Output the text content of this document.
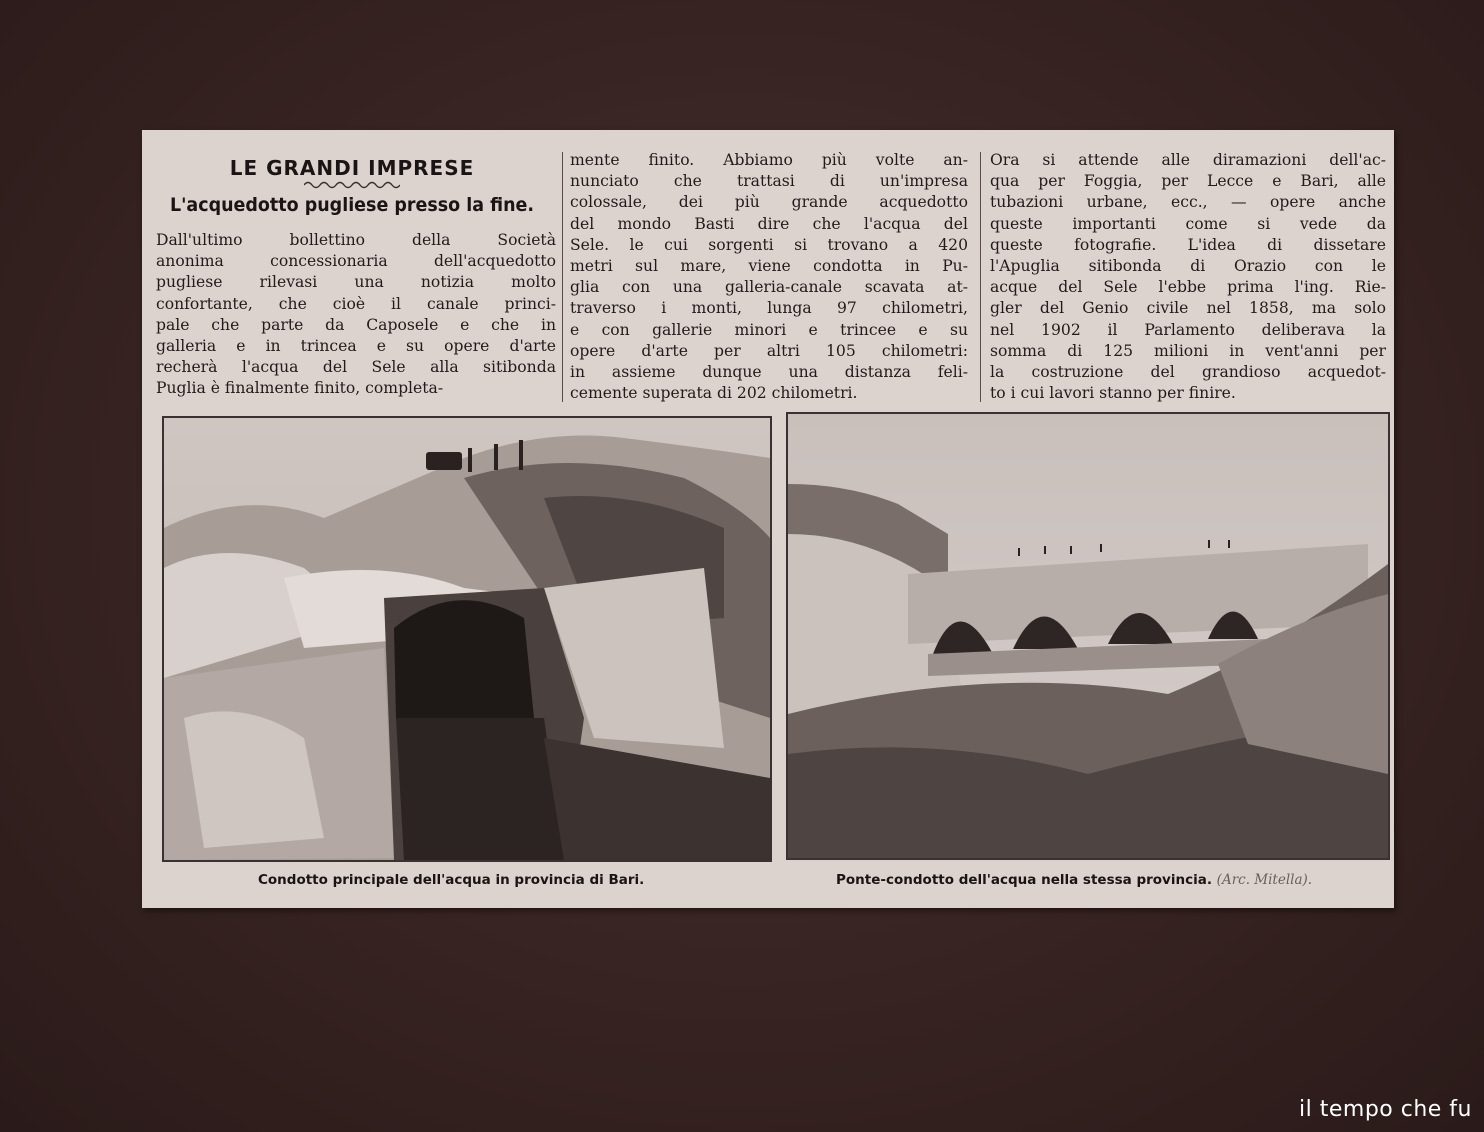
LE GRANDI IMPRESE
L'acquedotto pugliese presso la fine.
Dall'ultimo bollettino della Società
anonima concessionaria dell'acquedotto
pugliese rilevasi una notizia molto
confortante, che cioè il canale princi-
pale che parte da Caposele e che in
galleria e in trincea e su opere d'arte
recherà l'acqua del Sele alla sitibonda
Puglia è finalmente finito, completa-
mente finito. Abbiamo più volte an-
nunciato che trattasi di un'impresa
colossale, dei più grande acquedotto
del mondo Basti dire che l'acqua del
Sele. le cui sorgenti si trovano a 420
metri sul mare, viene condotta in Pu-
glia con una galleria-canale scavata at-
traverso i monti, lunga 97 chilometri,
e con gallerie minori e trincee e su
opere d'arte per altri 105 chilometri:
in assieme dunque una distanza feli-
cemente superata di 202 chilometri.
Ora si attende alle diramazioni dell'ac-
qua per Foggia, per Lecce e Bari, alle
tubazioni urbane, ecc., — opere anche
queste importanti come si vede da
queste fotografie. L'idea di dissetare
l'Apuglia sitibonda di Orazio con le
acque del Sele l'ebbe prima l'ing. Rie-
gler del Genio civile nel 1858, ma solo
nel 1902 il Parlamento deliberava la
somma di 125 milioni in vent'anni per
la costruzione del grandioso acquedot-
to i cui lavori stanno per finire.
Condotto principale dell'acqua in provincia di Bari.	Ponte-condotto dell'acqua nella stessa provincia. (Arc. Mitella).
il tempo che fu
